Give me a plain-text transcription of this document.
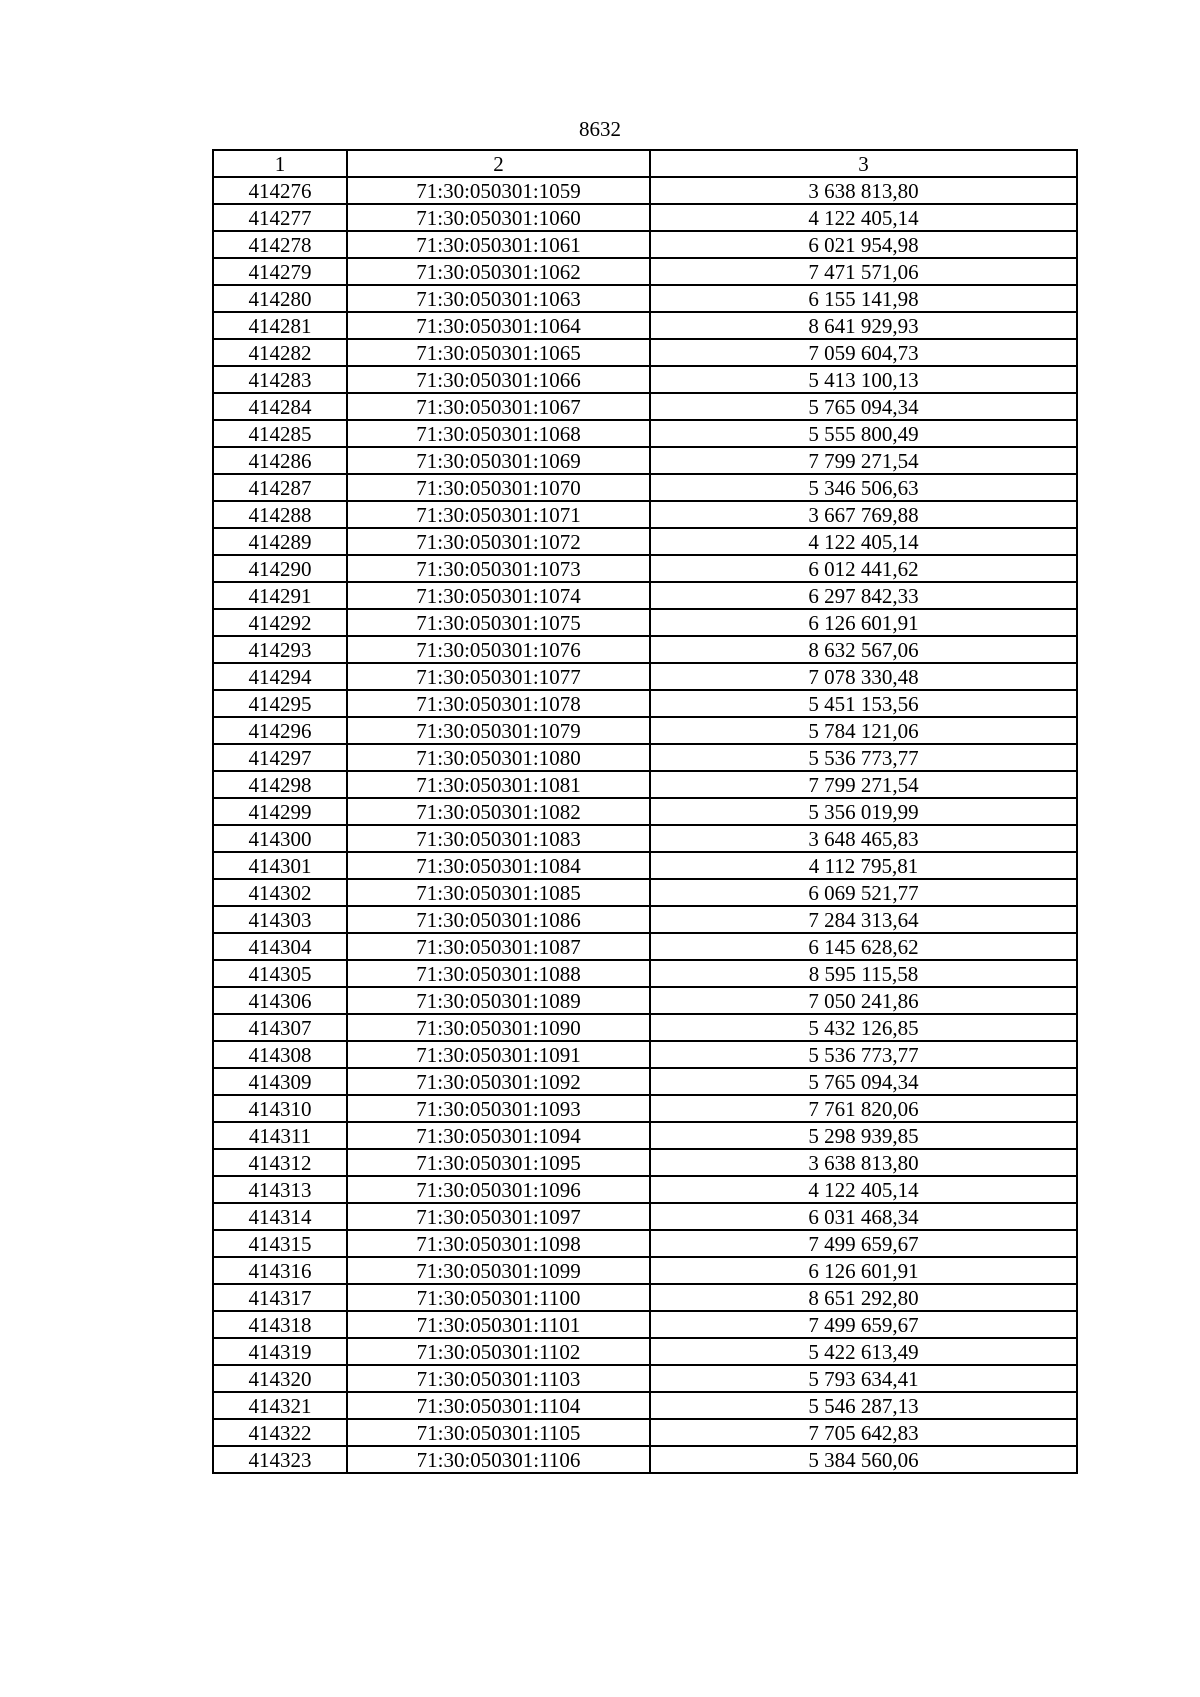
8632
1	2	3
414276	71:30:050301:1059	3 638 813,80
414277	71:30:050301:1060	4 122 405,14
414278	71:30:050301:1061	6 021 954,98
414279	71:30:050301:1062	7 471 571,06
414280	71:30:050301:1063	6 155 141,98
414281	71:30:050301:1064	8 641 929,93
414282	71:30:050301:1065	7 059 604,73
414283	71:30:050301:1066	5 413 100,13
414284	71:30:050301:1067	5 765 094,34
414285	71:30:050301:1068	5 555 800,49
414286	71:30:050301:1069	7 799 271,54
414287	71:30:050301:1070	5 346 506,63
414288	71:30:050301:1071	3 667 769,88
414289	71:30:050301:1072	4 122 405,14
414290	71:30:050301:1073	6 012 441,62
414291	71:30:050301:1074	6 297 842,33
414292	71:30:050301:1075	6 126 601,91
414293	71:30:050301:1076	8 632 567,06
414294	71:30:050301:1077	7 078 330,48
414295	71:30:050301:1078	5 451 153,56
414296	71:30:050301:1079	5 784 121,06
414297	71:30:050301:1080	5 536 773,77
414298	71:30:050301:1081	7 799 271,54
414299	71:30:050301:1082	5 356 019,99
414300	71:30:050301:1083	3 648 465,83
414301	71:30:050301:1084	4 112 795,81
414302	71:30:050301:1085	6 069 521,77
414303	71:30:050301:1086	7 284 313,64
414304	71:30:050301:1087	6 145 628,62
414305	71:30:050301:1088	8 595 115,58
414306	71:30:050301:1089	7 050 241,86
414307	71:30:050301:1090	5 432 126,85
414308	71:30:050301:1091	5 536 773,77
414309	71:30:050301:1092	5 765 094,34
414310	71:30:050301:1093	7 761 820,06
414311	71:30:050301:1094	5 298 939,85
414312	71:30:050301:1095	3 638 813,80
414313	71:30:050301:1096	4 122 405,14
414314	71:30:050301:1097	6 031 468,34
414315	71:30:050301:1098	7 499 659,67
414316	71:30:050301:1099	6 126 601,91
414317	71:30:050301:1100	8 651 292,80
414318	71:30:050301:1101	7 499 659,67
414319	71:30:050301:1102	5 422 613,49
414320	71:30:050301:1103	5 793 634,41
414321	71:30:050301:1104	5 546 287,13
414322	71:30:050301:1105	7 705 642,83
414323	71:30:050301:1106	5 384 560,06
